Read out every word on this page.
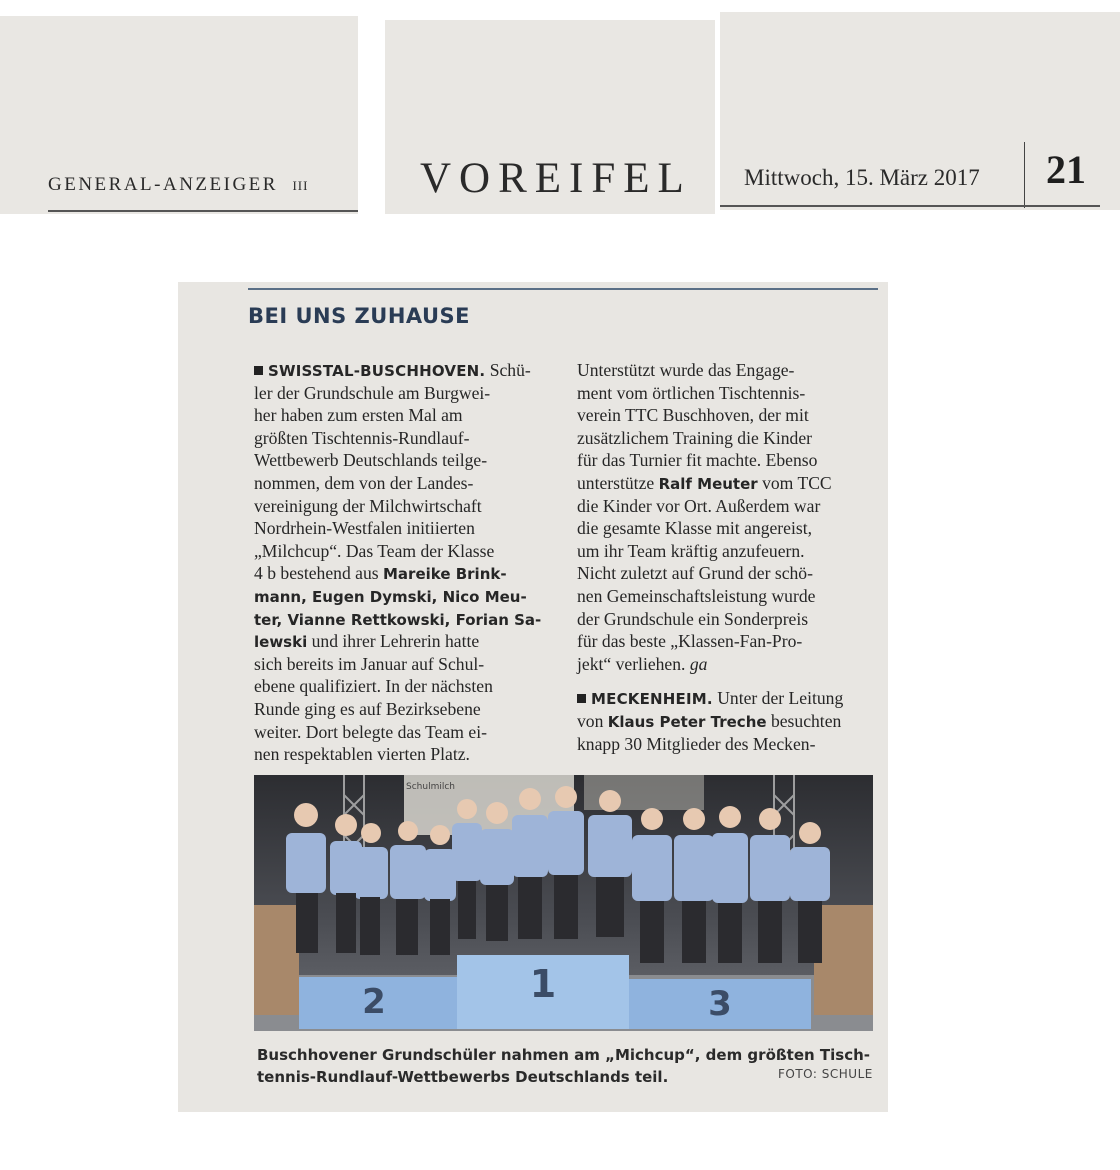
GENERAL-ANZEIGER III	VOREIFEL Mittwoch, 15. März 2017 21
BEI UNS ZUHAUSE
SWISSTAL-BUSCHHOVEN. Schü-
ler der Grundschule am Burgwei-
her haben zum ersten Mal am
größten Tischtennis-Rundlauf-
Wettbewerb Deutschlands teilge-
nommen, dem von der Landes-
vereinigung der Milchwirtschaft
Nordrhein-Westfalen initiierten
„Milchcup“. Das Team der Klasse
4 b bestehend aus Mareike Brink-
mann, Eugen Dymski, Nico Meu-
ter, Vianne Rettkowski, Forian Sa-
lewski und ihrer Lehrerin hatte
sich bereits im Januar auf Schul-
ebene qualifiziert. In der nächsten
Runde ging es auf Bezirksebene
weiter. Dort belegte das Team ei-
nen respektablen vierten Platz.
Unterstützt wurde das Engage-
ment vom örtlichen Tischtennis-
verein TTC Buschhoven, der mit
zusätzlichem Training die Kinder
für das Turnier fit machte. Ebenso
unterstütze Ralf Meuter vom TCC
die Kinder vor Ort. Außerdem war
die gesamte Klasse mit angereist,
um ihr Team kräftig anzufeuern.
Nicht zuletzt auf Grund der schö-
nen Gemeinschaftsleistung wurde
der Grundschule ein Sonderpreis
für das beste „Klassen-Fan-Pro-
jekt“ verliehen. ga
MECKENHEIM. Unter der Leitung
von Klaus Peter Treche besuchten
knapp 30 Mitglieder des Mecken-
2	1	3
Schulmilch
Buschhovener Grundschüler nahmen am „Michcup“, dem größten Tisch-
tennis-Rundlauf-Wettbewerbs Deutschlands teil.	FOTO: SCHULE
